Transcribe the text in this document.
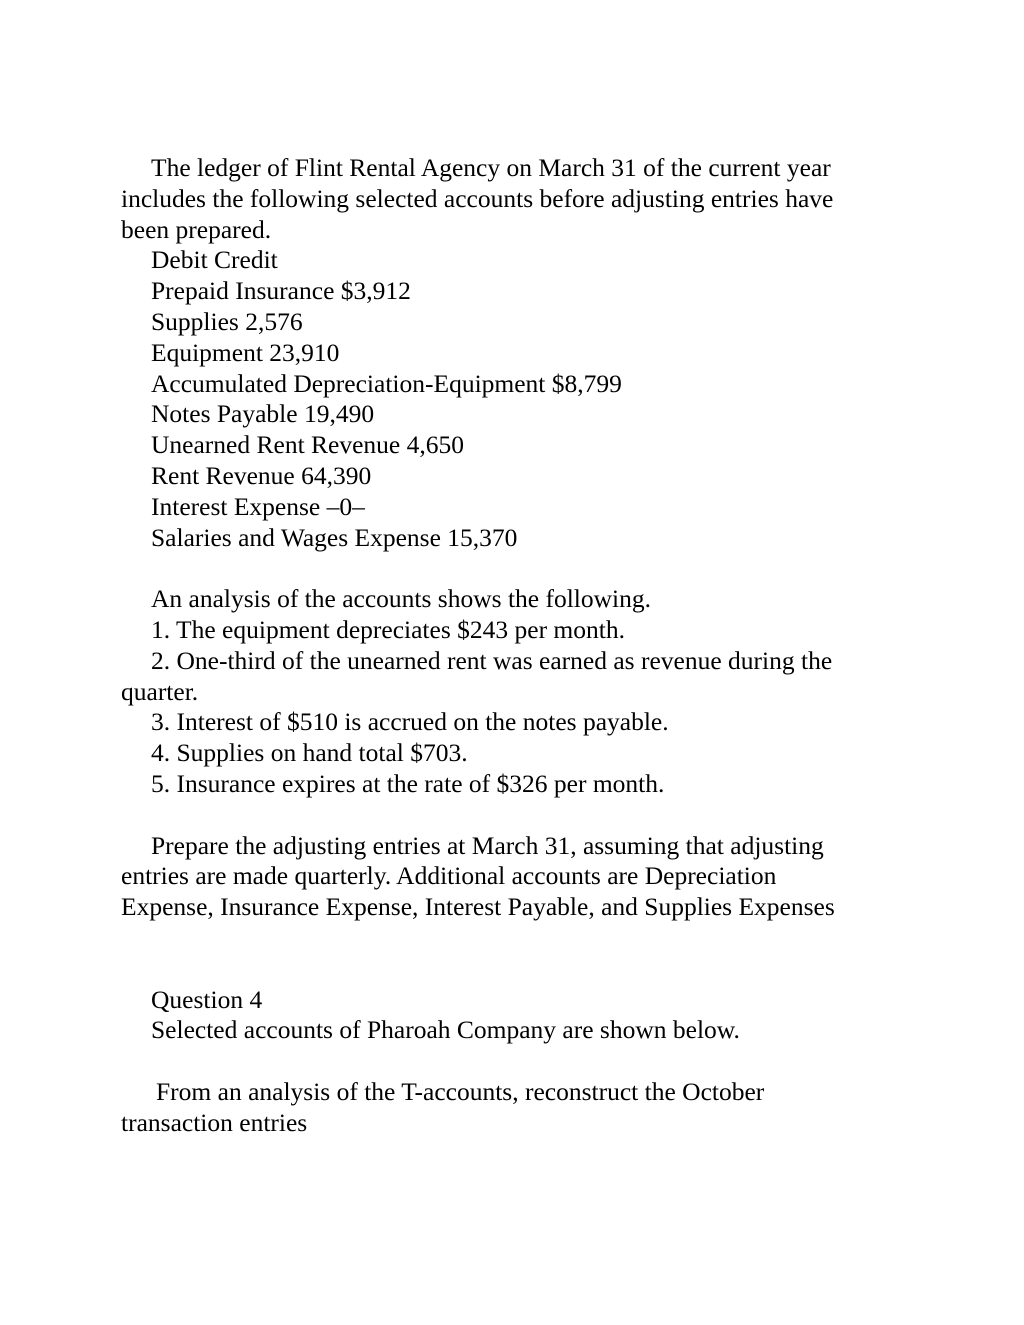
The ledger of Flint Rental Agency on March 31 of the current year
includes the following selected accounts before adjusting entries have
been prepared.
Debit Credit
Prepaid Insurance $3,912
Supplies 2,576
Equipment 23,910
Accumulated Depreciation-Equipment $8,799
Notes Payable 19,490
Unearned Rent Revenue 4,650
Rent Revenue 64,390
Interest Expense –0–
Salaries and Wages Expense 15,370
An analysis of the accounts shows the following.
1. The equipment depreciates $243 per month.
2. One-third of the unearned rent was earned as revenue during the
quarter.
3. Interest of $510 is accrued on the notes payable.
4. Supplies on hand total $703.
5. Insurance expires at the rate of $326 per month.
Prepare the adjusting entries at March 31, assuming that adjusting
entries are made quarterly. Additional accounts are Depreciation
Expense, Insurance Expense, Interest Payable, and Supplies Expenses
Question 4
Selected accounts of Pharoah Company are shown below.
From an analysis of the T-accounts, reconstruct the October
transaction entries
